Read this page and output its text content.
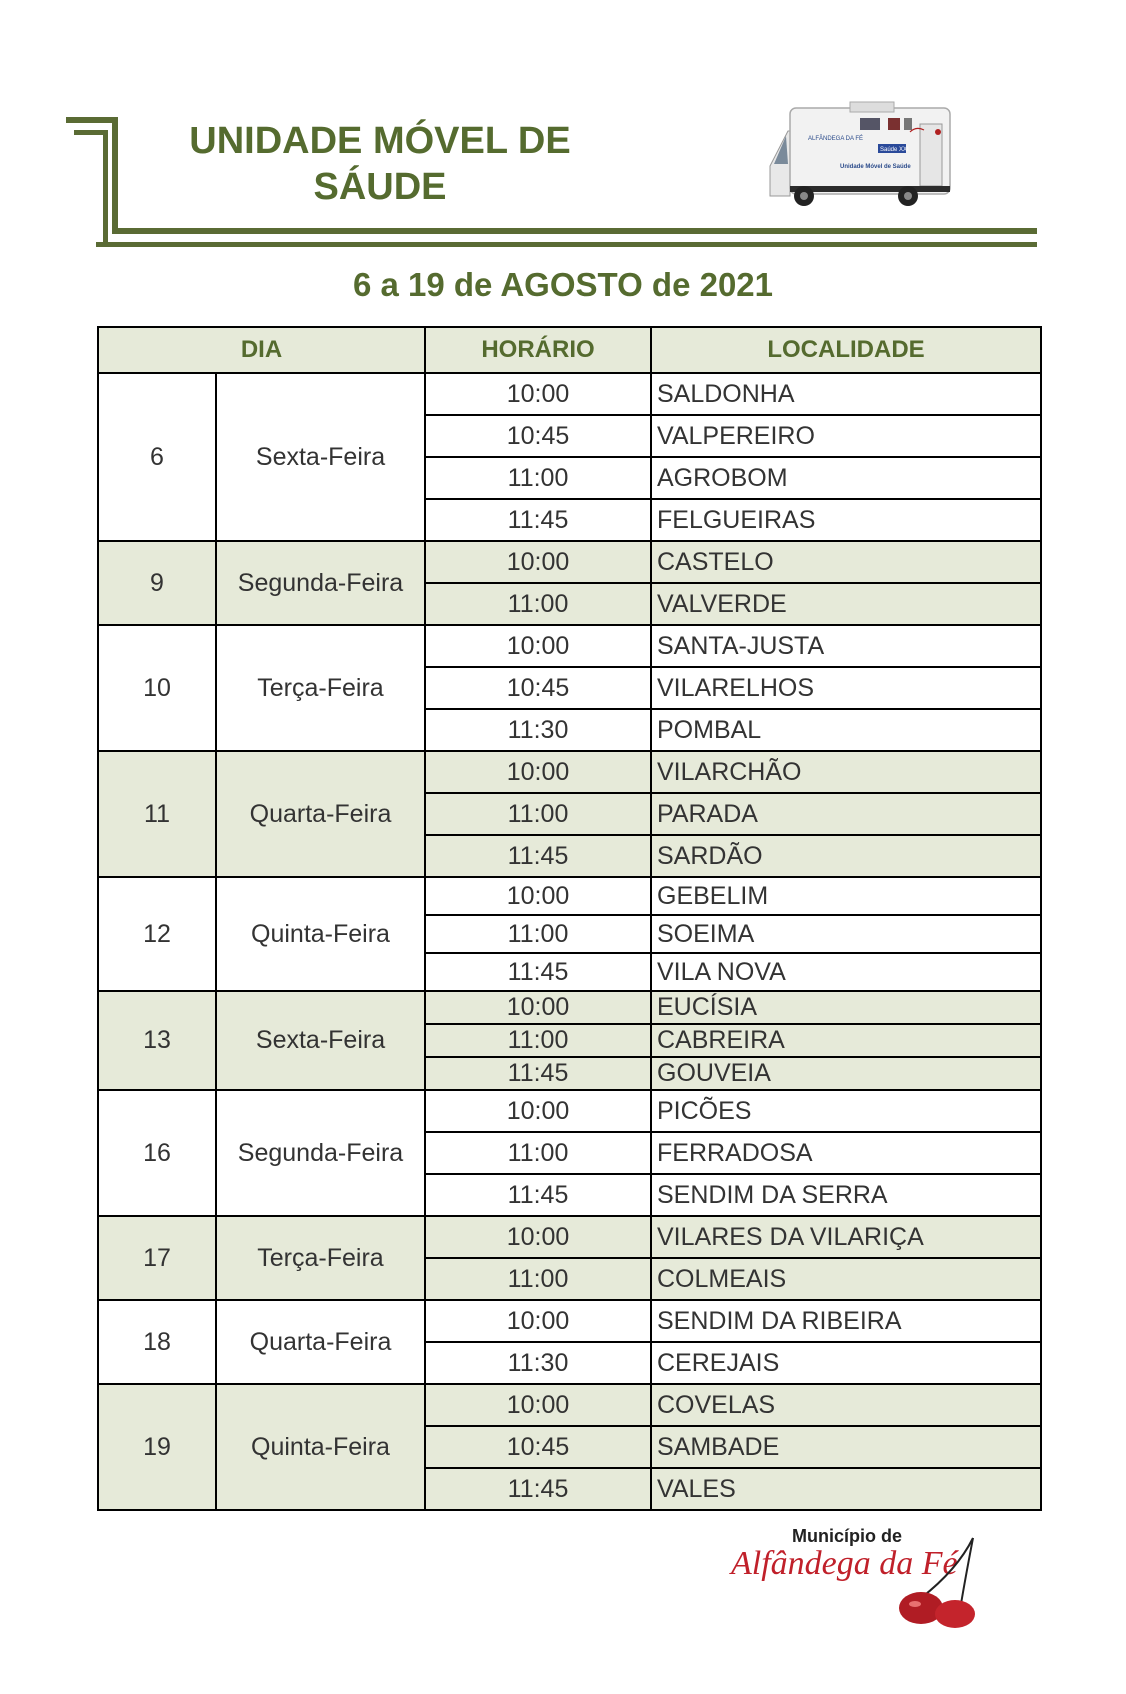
UNIDADE MÓVEL DE
SÁUDE
ALFÂNDEGA DA FÉ
Saúde XXI
Unidade Móvel de Saúde
6 a 19 de AGOSTO de 2021
DIA		HORÁRIO	LOCALIDADE
6	Sexta-Feira	10:00	SALDONHA
		10:45	VALPEREIRO
		11:00	AGROBOM
		11:45	FELGUEIRAS
9	Segunda-Feira	10:00	CASTELO
		11:00	VALVERDE
10	Terça-Feira	10:00	SANTA-JUSTA
		10:45	VILARELHOS
		11:30	POMBAL
11	Quarta-Feira	10:00	VILARCHÃO
		11:00	PARADA
		11:45	SARDÃO
12	Quinta-Feira	10:00	GEBELIM
		11:00	SOEIMA
		11:45	VILA NOVA
13	Sexta-Feira	10:00	EUCÍSIA
		11:00	CABREIRA
		11:45	GOUVEIA
16	Segunda-Feira	10:00	PICÕES
		11:00	FERRADOSA
		11:45	SENDIM DA SERRA
17	Terça-Feira	10:00	VILARES DA VILARIÇA
		11:00	COLMEAIS
18	Quarta-Feira	10:00	SENDIM DA RIBEIRA
		11:30	CEREJAIS
19	Quinta-Feira	10:00	COVELAS
		10:45	SAMBADE
		11:45	VALES
Município de
Alfândega da Fé
